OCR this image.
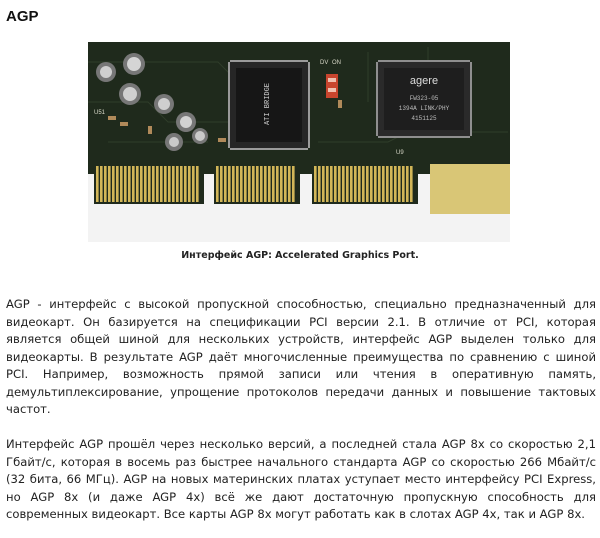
AGP
ATI BRIDGE
DV ON
agere
FW323-05
1394A LINK/PHY
4151125
U51
U9
Интерфейс AGP: Accelerated Graphics Port.

AGP - интерфейс с высокой пропускной способностью, специально предназначенный для видеокарт. Он базируется на спецификации PCI версии 2.1. В отличие от PCI, которая является общей шиной для нескольких устройств, интерфейс AGP выделен только для видеокарты. В результате AGP даёт многочисленные преимущества по сравнению с шиной PCI. Например, возможность прямой записи или чтения в оперативную память, демультиплексирование, упрощение протоколов передачи данных и повышение тактовых частот.

Интерфейс AGP прошёл через несколько версий, а последней стала AGP 8x со скоростью 2,1 Гбайт/с, которая в восемь раз быстрее начального стандарта AGP со скоростью 266 Мбайт/с (32 бита, 66 МГц). AGP на новых материнских платах уступает место интерфейсу PCI Express, но AGP 8x (и даже AGP 4x) всё же дают достаточную пропускную способность для современных видеокарт. Все карты AGP 8x могут работать как в слотах AGP 4x, так и AGP 8x.
